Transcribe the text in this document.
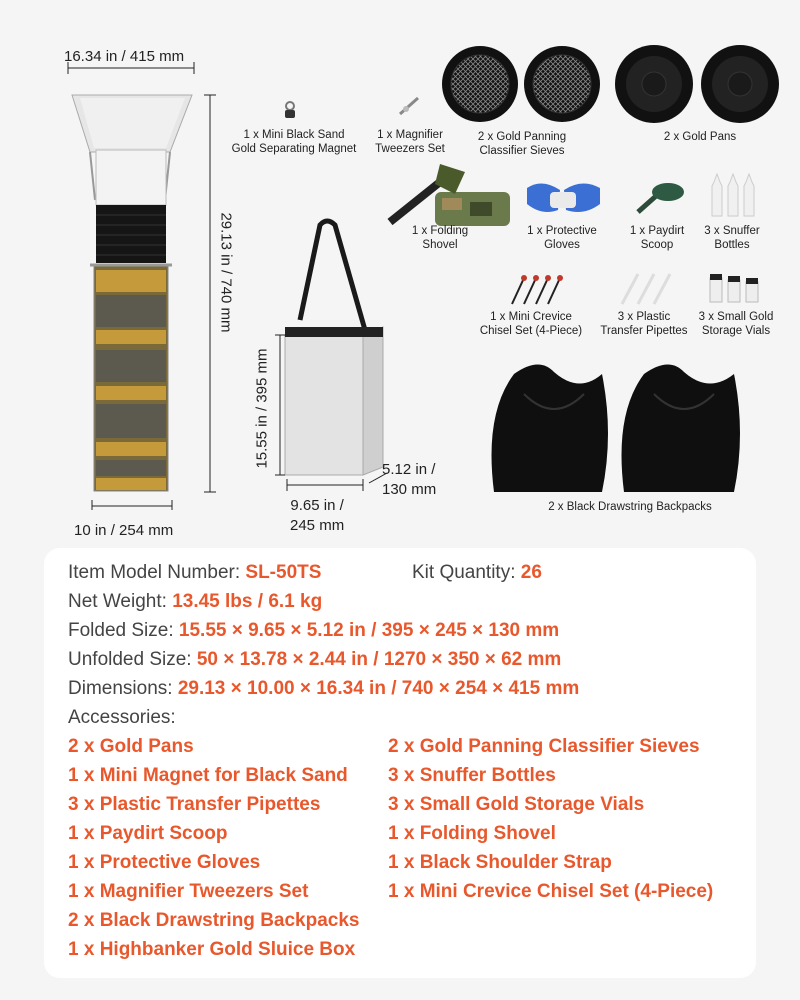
16.34 in / 415 mm
29.13 in / 740 mm
10 in / 254 mm
15.55 in / 395 mm
5.12 in /
130 mm
9.65 in /
245 mm
1 x Mini Black Sand
Gold Separating Magnet
1 x Magnifier
Tweezers Set
2 x Gold Panning
Classifier Sieves
2 x Gold Pans
1 x Folding
Shovel
1 x Protective
Gloves
1 x Paydirt
Scoop
3 x Snuffer
Bottles
1 x Mini Crevice
Chisel Set (4-Piece)
3 x Plastic
Transfer Pipettes
3 x Small Gold
Storage Vials
2 x Black Drawstring Backpacks
Item Model Number: SL-50TS	Kit Quantity: 26
Net Weight: 13.45 lbs / 6.1 kg
Folded Size: 15.55 × 9.65 × 5.12 in / 395 × 245 × 130 mm
Unfolded Size: 50 × 13.78 × 2.44 in / 1270 × 350 × 62 mm
Dimensions: 29.13 × 10.00 × 16.34 in / 740 × 254 × 415 mm
Accessories:
2 x Gold Pans
1 x Mini Magnet for Black Sand
3 x Plastic Transfer Pipettes
1 x Paydirt Scoop
1 x Protective Gloves
1 x Magnifier Tweezers Set
2 x Black Drawstring Backpacks
1 x Highbanker Gold Sluice Box
2 x Gold Panning Classifier Sieves
3 x Snuffer Bottles
3 x Small Gold Storage Vials
1 x Folding Shovel
1 x Black Shoulder Strap
1 x Mini Crevice Chisel Set (4-Piece)
